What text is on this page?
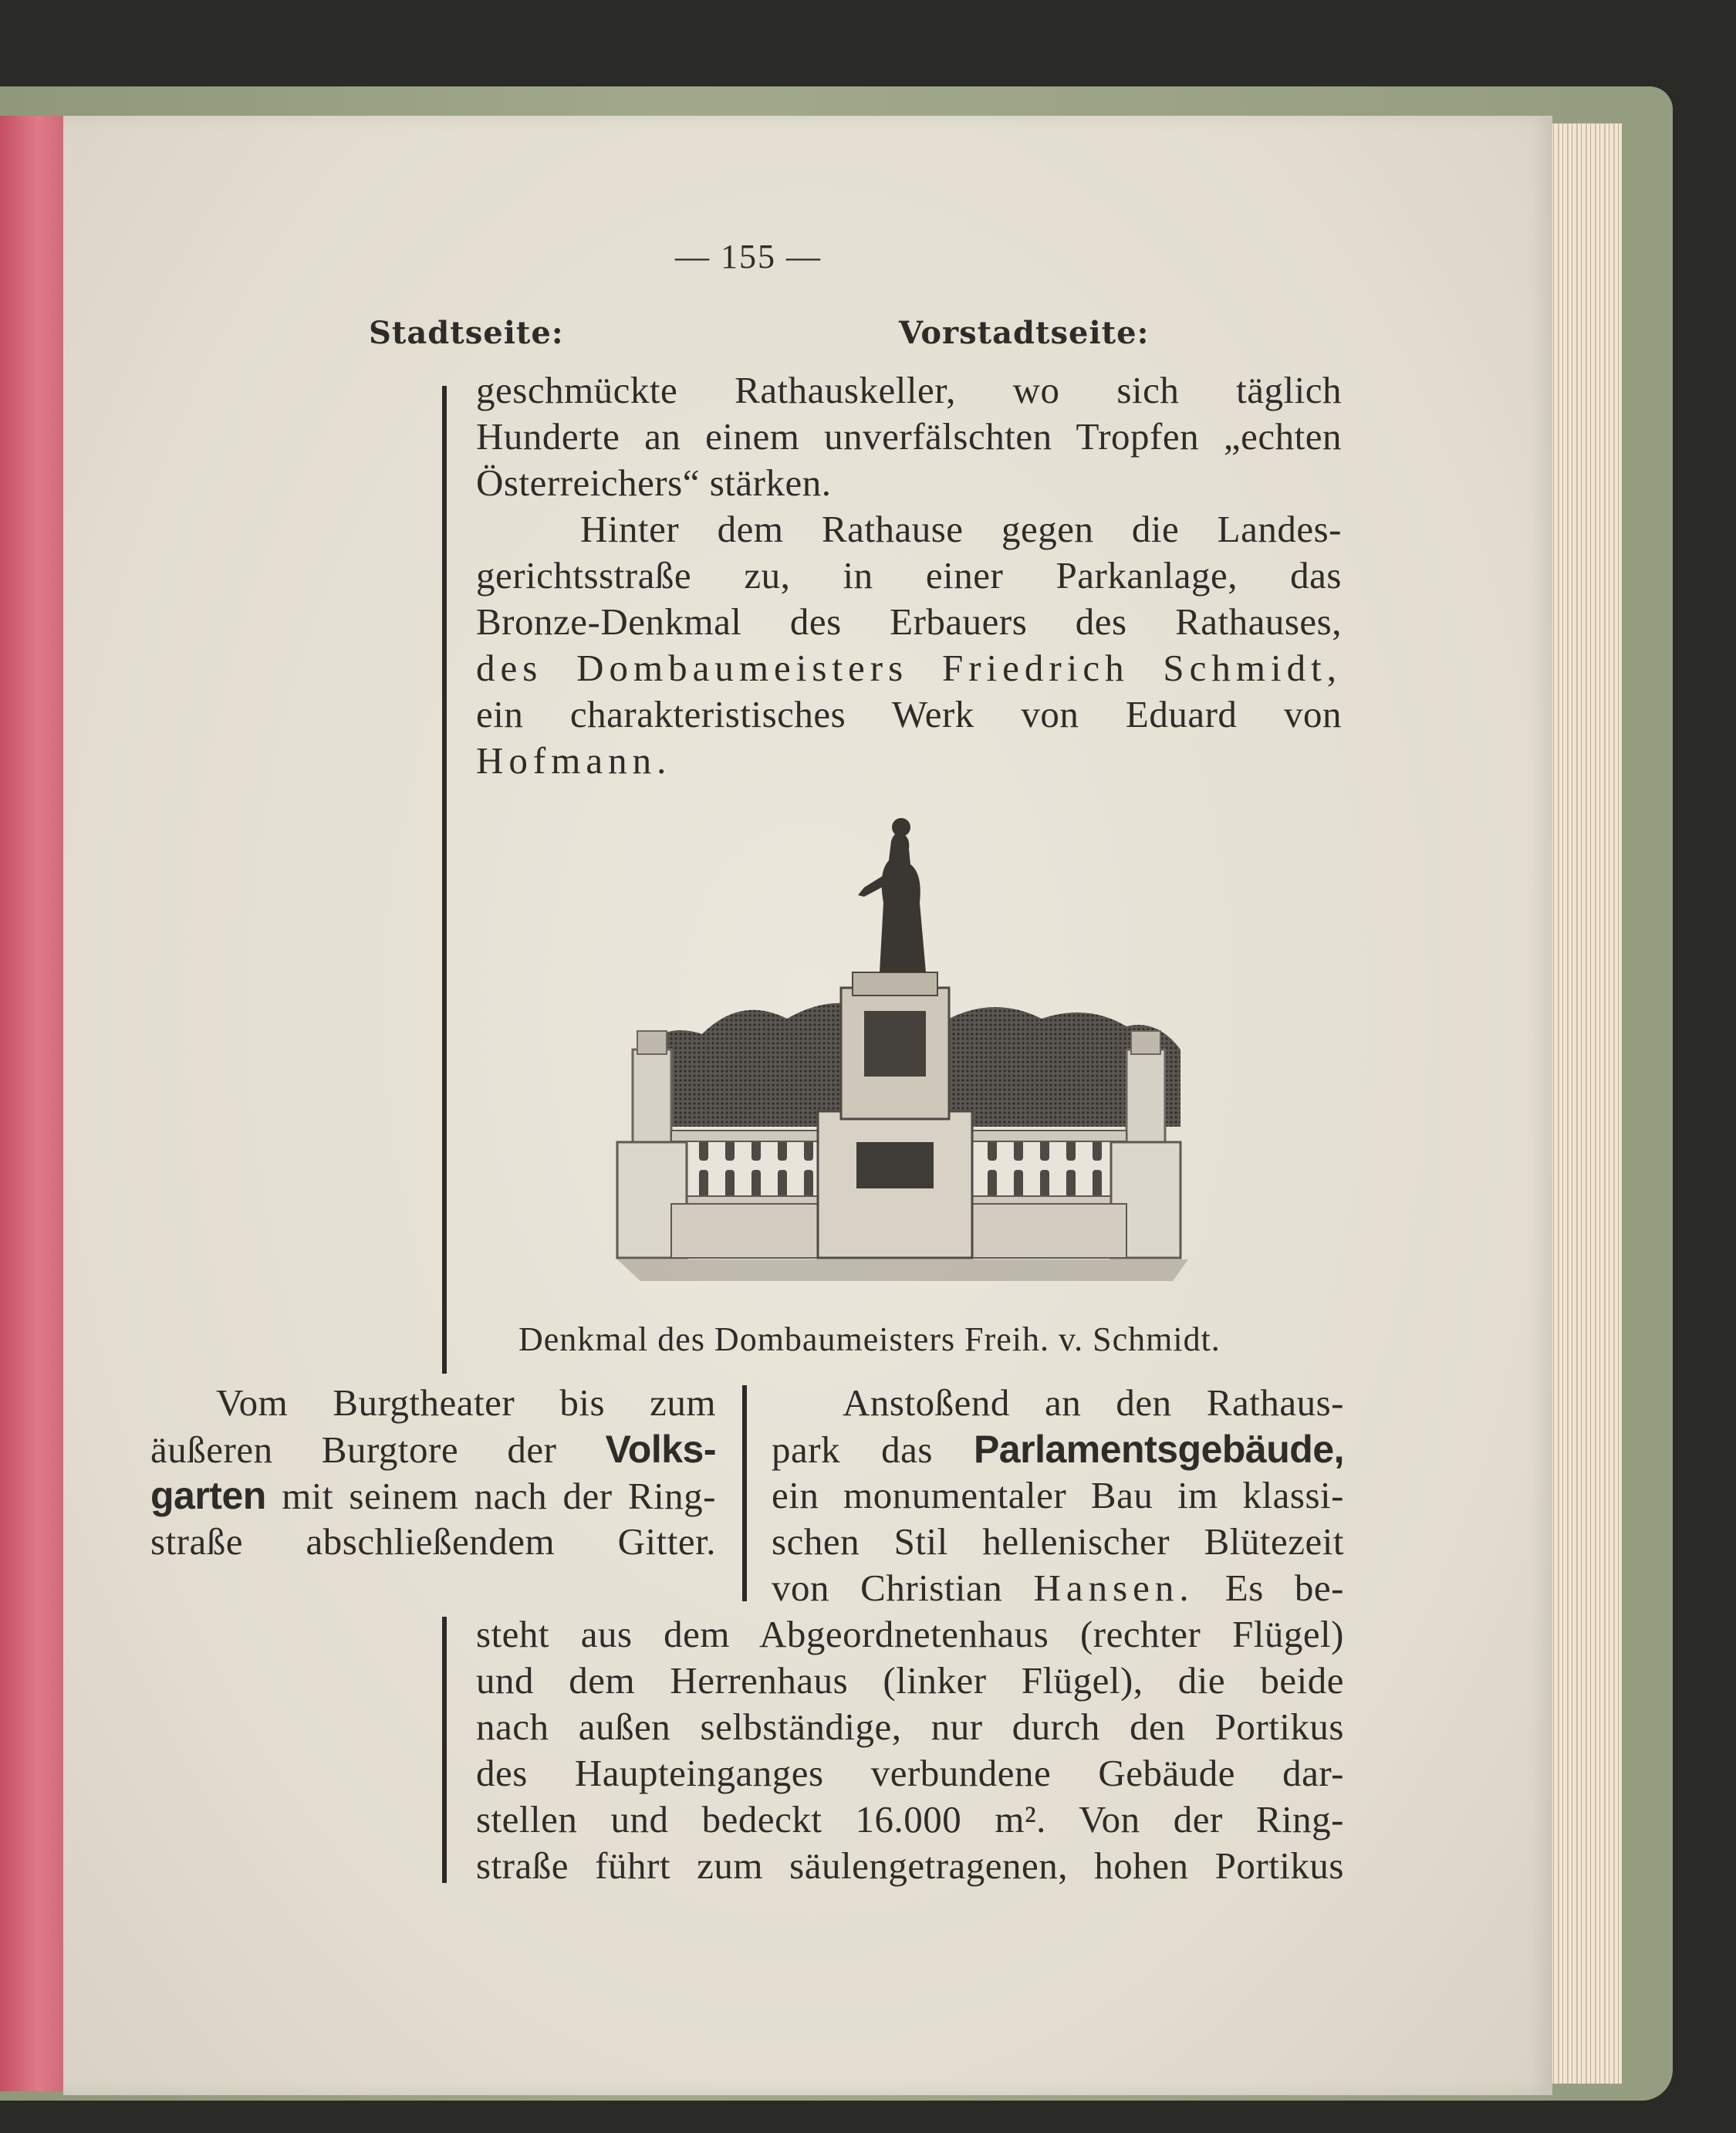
— 155 —
Stadtseite:	Vorstadtseite:
geschmückte Rathauskeller, wo sich täglich
Hunderte an einem unverfälschten Tropfen „echten
Österreichers“ stärken.
Hinter dem Rathause gegen die Landes-
gerichtsstraße zu, in einer Parkanlage, das
Bronze-Denkmal des Erbauers des Rathauses,
des Dombaumeisters Friedrich Schmidt,
ein charakteristisches Werk von Eduard von
Hofmann.
Denkmal des Dombaumeisters Freih. v. Schmidt.
Vom Burgtheater bis zum
äußeren Burgtore der Volks-
garten mit seinem nach der Ring-
straße abschließendem Gitter.
Anstoßend an den Rathaus-
park das Parlamentsgebäude,
ein monumentaler Bau im klassi-
schen Stil hellenischer Blütezeit
von Christian Hansen. Es be-
steht aus dem Abgeordnetenhaus (rechter Flügel)
und dem Herrenhaus (linker Flügel), die beide
nach außen selbständige, nur durch den Portikus
des Haupteinganges verbundene Gebäude dar-
stellen und bedeckt 16.000 m². Von der Ring-
straße führt zum säulengetragenen, hohen Portikus
